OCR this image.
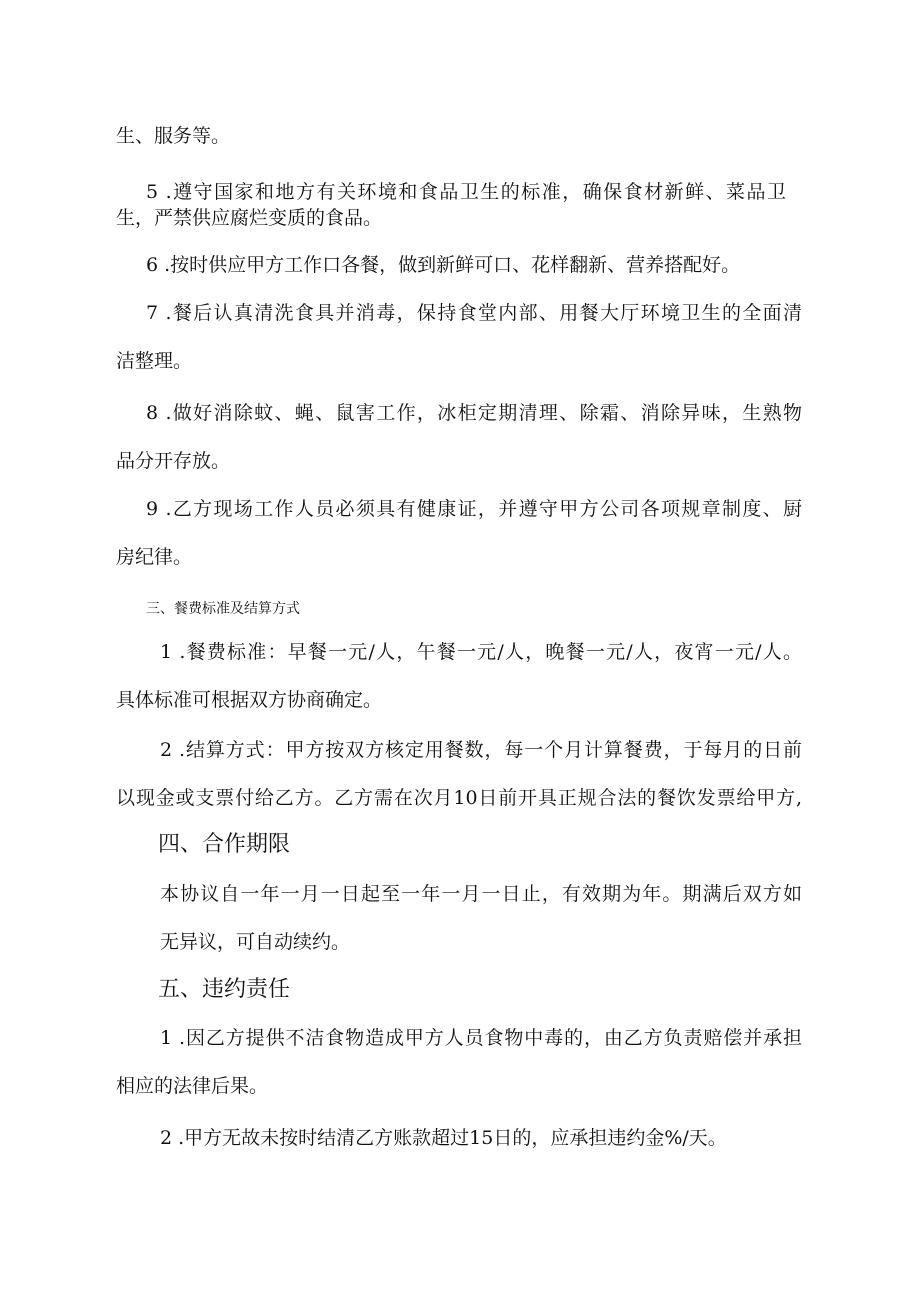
生、服务等。
5 .遵守国家和地方有关环境和食品卫生的标准，确保食材新鲜、菜品卫
生，严禁供应腐烂变质的食品。
6 .按时供应甲方工作口各餐，做到新鲜可口、花样翻新、营养搭配好。
7 .餐后认真清洗食具并消毒，保持食堂内部、用餐大厅环境卫生的全面清
洁整理。
8 .做好消除蚊、蝇、鼠害工作，冰柜定期清理、除霜、消除异味，生熟物
品分开存放。
9 .乙方现场工作人员必须具有健康证，并遵守甲方公司各项规章制度、厨
房纪律。
三、餐费标准及结算方式
1 .餐费标准：早餐一元/人，午餐一元/人，晚餐一元/人，夜宵一元/人。
具体标准可根据双方协商确定。
2 .结算方式：甲方按双方核定用餐数，每一个月计算餐费，于每月的日前
以现金或支票付给乙方。乙方需在次月10日前开具正规合法的餐饮发票给甲方,
四、合作期限
本协议自一年一月一日起至一年一月一日止，有效期为年。期满后双方如
无异议，可自动续约。
五、违约责任
1 .因乙方提供不洁食物造成甲方人员食物中毒的，由乙方负责赔偿并承担
相应的法律后果。
2 .甲方无故未按时结清乙方账款超过15日的，应承担违约金%/天。
